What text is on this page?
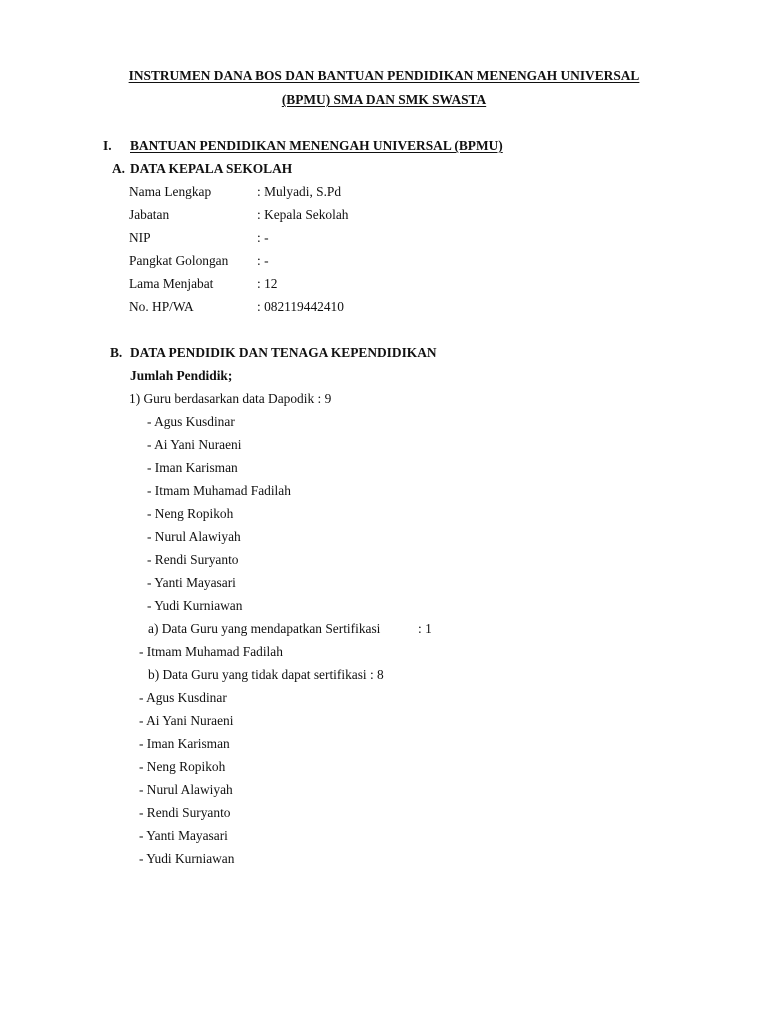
INSTRUMEN DANA BOS DAN BANTUAN PENDIDIKAN MENENGAH UNIVERSAL
(BPMU) SMA DAN SMK SWASTA
I. BANTUAN PENDIDIKAN MENENGAH UNIVERSAL (BPMU)
A. DATA KEPALA SEKOLAH
Nama Lengkap	: Mulyadi, S.Pd
Jabatan	: Kepala Sekolah
NIP	: -
Pangkat Golongan : -
Lama Menjabat	: 12
No. HP/WA	: 082119442410
B. DATA PENDIDIK DAN TENAGA KEPENDIDIKAN
Jumlah Pendidik;
1) Guru berdasarkan data Dapodik : 9
- Agus Kusdinar
- Ai Yani Nuraeni
- Iman Karisman
- Itmam Muhamad Fadilah
- Neng Ropikoh
- Nurul Alawiyah
- Rendi Suryanto
- Yanti Mayasari
- Yudi Kurniawan
a) Data Guru yang mendapatkan Sertifikasi	: 1
- Itmam Muhamad Fadilah
b) Data Guru yang tidak dapat sertifikasi : 8
- Agus Kusdinar
- Ai Yani Nuraeni
- Iman Karisman
- Neng Ropikoh
- Nurul Alawiyah
- Rendi Suryanto
- Yanti Mayasari
- Yudi Kurniawan
